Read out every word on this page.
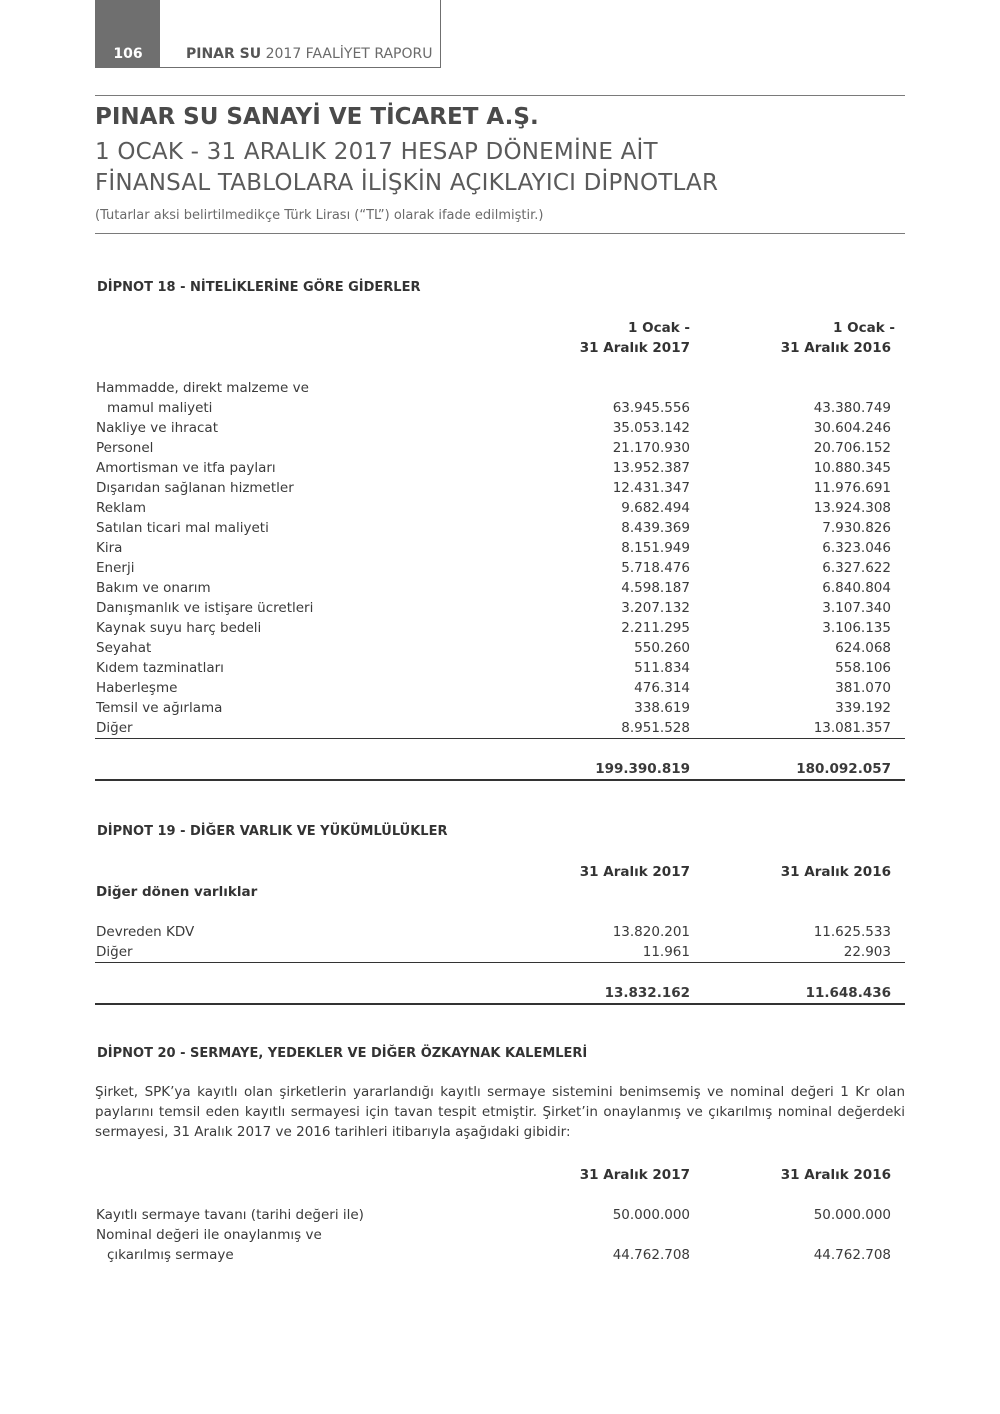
106	PINAR SU 2017 FAALİYET RAPORU
PINAR SU SANAYİ VE TİCARET A.Ş.
1 OCAK - 31 ARALIK 2017 HESAP DÖNEMİNE AİT
FİNANSAL TABLOLARA İLİŞKİN AÇIKLAYICI DİPNOTLAR
(Tutarlar aksi belirtilmedikçe Türk Lirası (“TL”) olarak ifade edilmiştir.)
DİPNOT 18 - NİTELİKLERİNE GÖRE GİDERLER
1 Ocak -	1 Ocak -
31 Aralık 2017	31 Aralık 2016
Hammadde, direkt malzeme ve
mamul maliyeti	63.945.556	43.380.749
Nakliye ve ihracat	35.053.142	30.604.246
Personel	21.170.930	20.706.152
Amortisman ve itfa payları	13.952.387	10.880.345
Dışarıdan sağlanan hizmetler	12.431.347	11.976.691
Reklam	9.682.494	13.924.308
Satılan ticari mal maliyeti	8.439.369	7.930.826
Kira	8.151.949	6.323.046
Enerji	5.718.476	6.327.622
Bakım ve onarım	4.598.187	6.840.804
Danışmanlık ve istişare ücretleri	3.207.132	3.107.340
Kaynak suyu harç bedeli	2.211.295	3.106.135
Seyahat	550.260	624.068
Kıdem tazminatları	511.834	558.106
Haberleşme	476.314	381.070
Temsil ve ağırlama	338.619	339.192
Diğer	8.951.528	13.081.357
199.390.819	180.092.057
DİPNOT 19 - DİĞER VARLIK VE YÜKÜMLÜLÜKLER
31 Aralık 2017	31 Aralık 2016
Diğer dönen varlıklar
Devreden KDV	13.820.201	11.625.533
Diğer	11.961	22.903
13.832.162	11.648.436
DİPNOT 20 - SERMAYE, YEDEKLER VE DİĞER ÖZKAYNAK KALEMLERİ
Şirket, SPK’ya kayıtlı olan şirketlerin yararlandığı kayıtlı sermaye sistemini benimsemiş ve nominal değeri 1 Kr olan paylarını temsil eden kayıtlı sermayesi için tavan tespit etmiştir. Şirket’in onaylanmış ve çıkarılmış nominal değerdeki sermayesi, 31 Aralık 2017 ve 2016 tarihleri itibarıyla aşağıdaki gibidir:
31 Aralık 2017	31 Aralık 2016
Kayıtlı sermaye tavanı (tarihi değeri ile)	50.000.000	50.000.000
Nominal değeri ile onaylanmış ve
çıkarılmış sermaye	44.762.708	44.762.708
